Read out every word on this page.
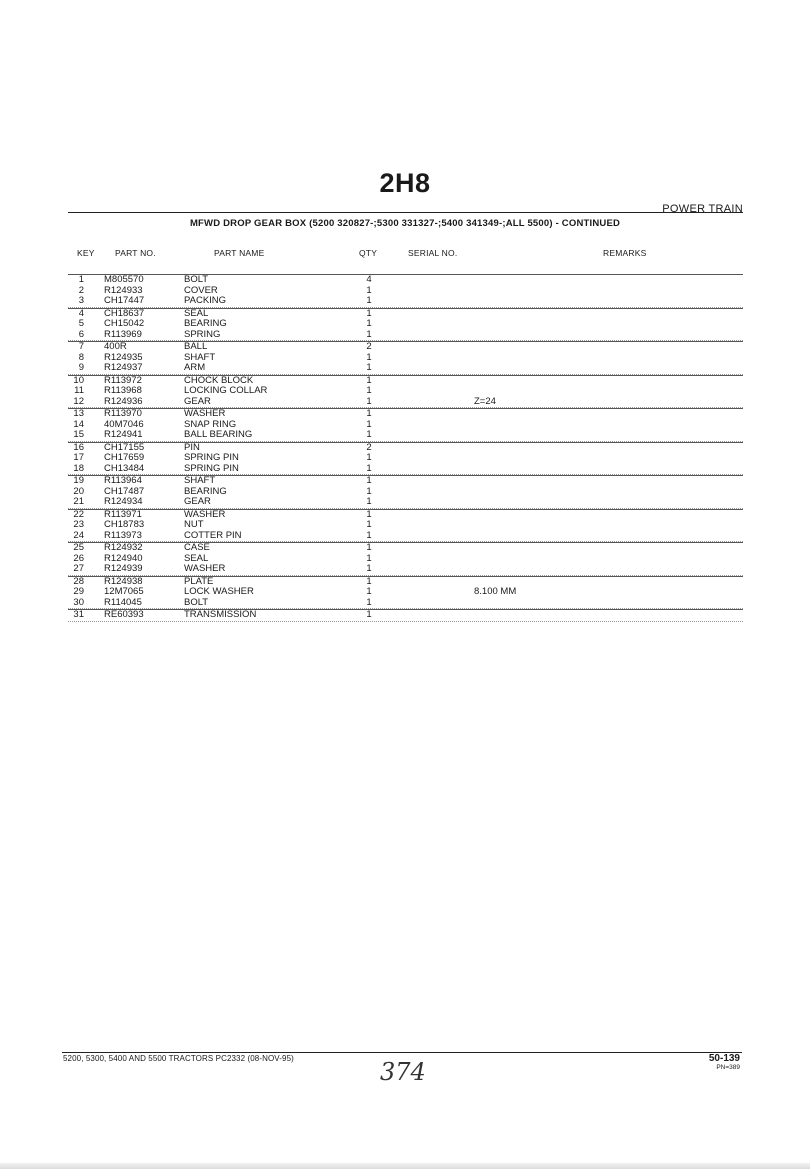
2H8
POWER TRAIN
MFWD DROP GEAR BOX (5200 320827-;5300 331327-;5400 341349-;ALL 5500) - CONTINUED
KEY PART NO.	PART NAME	QTY	SERIAL NO.	REMARKS
1 M805570	BOLT	4
2 R124933	COVER	1
3 CH17447	PACKING	1
4 CH18637	SEAL	1
5 CH15042	BEARING	1
6 R113969	SPRING	1
7 400R	BALL	2
8 R124935	SHAFT	1
9 R124937	ARM	1
10 R113972	CHOCK BLOCK	1
11 R113968	LOCKING COLLAR	1
12 R124936	GEAR	1	Z=24
13 R113970	WASHER	1
14 40M7046	SNAP RING	1
15 R124941	BALL BEARING	1
16 CH17155	PIN	2
17 CH17659	SPRING PIN	1
18 CH13484	SPRING PIN	1
19 R113964	SHAFT	1
20 CH17487	BEARING	1
21 R124934	GEAR	1
22 R113971	WASHER	1
23 CH18783	NUT	1
24 R113973	COTTER PIN	1
25 R124932	CASE	1
26 R124940	SEAL	1
27 R124939	WASHER	1
28 R124938	PLATE	1
29 12M7065	LOCK WASHER	1	8.100 MM
30 R114045	BOLT	1
31 RE60393	TRANSMISSION	1
5200, 5300, 5400 AND 5500 TRACTORS PC2332 (08-NOV-95)	50-139
PN=389
374
